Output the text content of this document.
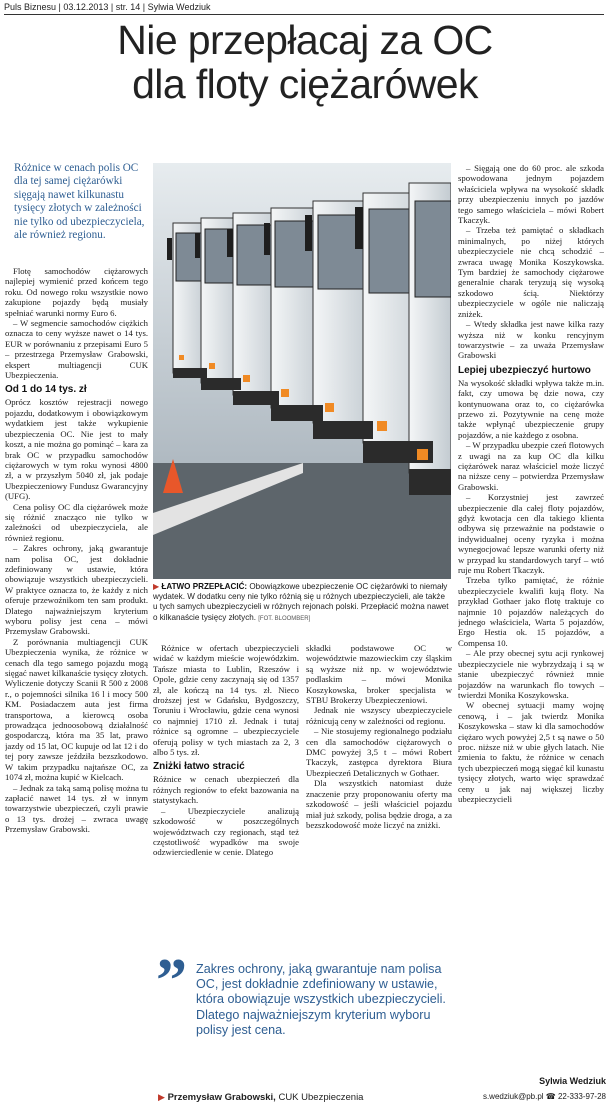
Puls Biznesu | 03.12.2013 | str. 14 | Sylwia Wedziuk
Nie przepłacaj za OC
dla floty ciężarówek
Różnice w cenach polis OC dla tej samej ciężarówki sięgają nawet kilkunastu tysięcy złotych w zależności nie tylko od ubezpieczyciela, ale również regionu.

Flotę samochodów ciężarowych najlepiej wymienić przed końcem tego roku. Od nowego roku wszystkie nowo zakupione pojazdy będą musiały spełniać warunki normy Euro 6.

– W segmencie samochodów ciężkich oznacza to ceny wyższe nawet o 14 tys. EUR w porównaniu z przepisami Euro 5 – przestrzega Przemysław Grabowski, ekspert multiagencji CUK Ubezpieczenia.

Od 1 do 14 tys. zł

Oprócz kosztów rejestracji nowego pojazdu, dodatkowym i obowiązkowym wydatkiem jest także wykupienie ubezpieczenia OC. Nie jest to mały koszt, a nie można go pominąć – kara za brak OC w przypadku samochodów ciężarowych w tym roku wynosi 4800 zł, a w przyszłym 5040 zł, jak podaje Ubezpieczeniowy Fundusz Gwarancyjny (UFG).

Cena polisy OC dla ciężarówek może się różnić znacząco nie tylko w zależności od ubezpieczyciela, ale również regionu.

– Zakres ochrony, jaką gwarantuje nam polisa OC, jest dokładnie zdefiniowany w ustawie, która obowiązuje wszystkich ubezpieczycieli. W praktyce oznacza to, że każdy z nich oferuje przewoźnikom ten sam produkt. Dlatego najważniejszym kryterium wyboru polisy jest cena – mówi Przemysław Grabowski.

Z porównania multiagencji CUK Ubezpieczenia wynika, że różnice w cenach dla tego samego pojazdu mogą sięgać nawet kilkanaście tysięcy złotych. Wyliczenie dotyczy Scanii R 500 z 2008 r., o pojemności silnika 16 l i mocy 500 KM. Posiadaczem auta jest firma transportowa, a kierowcą osoba prowadząca jednoosobową działalność gospodarczą, która ma 35 lat, prawo jazdy od 15 lat, OC kupuje od lat 12 i do tej pory zawsze jeździła bezszkodowo. W takim przypadku najtańsze OC, za 1074 zł, można kupić w Kielcach.

– Jednak za taką samą polisę można tu zapłacić nawet 14 tys. zł w innym towarzystwie ubezpieczeń, czyli prawie o 13 tys. drożej – zwraca uwagę Przemysław Grabowski.

▶ ŁATWO PRZEPŁACIĆ: Obowiązkowe ubezpieczenie OC ciężarówki to niemały wydatek. W dodatku ceny nie tylko różnią się u różnych ubezpieczycieli, ale także u tych samych ubezpieczycieli w różnych rejonach polski. Przepłacić można nawet o kilkanaście tysięcy złotych. [FOT. BLOOMBER]

Różnice w ofertach ubezpieczycieli widać w każdym mieście wojewódzkim. Tańsze miasta to Lublin, Rzeszów i Opole, gdzie ceny zaczynają się od 1357 zł, ale kończą na 14 tys. zł. Nieco droższej jest w Gdańsku, Bydgoszczy, Toruniu i Wrocławiu, gdzie cena wynosi co najmniej 1710 zł. Jednak i tutaj różnice są ogromne – ubezpieczyciele oferują polisy w tych miastach za 2, 3 albo 5 tys. zł.

Zniżki łatwo stracić

Różnice w cenach ubezpieczeń dla różnych regionów to efekt bazowania na statystykach.

– Ubezpieczyciele analizują szkodowość w poszczególnych województwach czy regionach, stąd też częstotliwość wypadków ma swoje odzwierciedlenie w cenie. Dlatego

składki podstawowe OC w województwie mazowieckim czy śląskim są wyższe niż np. w województwie podlaskim – mówi Monika Koszykowska, broker specjalista w STBU Brokerzy Ubezpieczeniowi.

Jednak nie wszyscy ubezpieczyciele różnicują ceny w zależności od regionu.

– Nie stosujemy regionalnego podziału cen dla samochodów ciężarowych o DMC powyżej 3,5 t – mówi Robert Tkaczyk, zastępca dyrektora Biura Ubezpieczeń Detalicznych w Gothaer.

Dla wszystkich natomiast duże znaczenie przy proponowaniu oferty ma szkodowość – jeśli właściciel pojazdu miał już szkody, polisa będzie droga, a za bezszkodowość może liczyć na zniżki.

” Zakres ochrony, jaką gwarantuje nam polisa OC, jest dokładnie zdefiniowany w ustawie, która obowiązuje wszystkich ubezpieczycieli. Dlatego najważniejszym kryterium wyboru polisy jest cena.
▶ Przemysław Grabowski, CUK Ubezpieczenia

– Sięgają one do 60 proc. ale szkoda spowodowana jednym pojazdem właściciela wpływa na wysokość składk przy ubezpieczeniu innych po jazdów tego samego właściciela – mówi Robert Tkaczyk.

– Trzeba też pamiętać o składkach minimalnych, po niżej których ubezpieczyciele nie chcą schodzić – zwraca uwagę Monika Koszykowska. Tym bardziej że samochody ciężarowe generalnie charak teryzują się wysoką szkodowo ścią. Niektórzy ubezpieczyciele w ogóle nie naliczają zniżek.

– Wtedy składka jest nawe kilka razy wyższa niż w konku rencyjnym towarzystwie – za uważa Przemysław Grabowski

Lepiej ubezpieczyć hurtowo

Na wysokość składki wpływa także m.in. fakt, czy umowa bę dzie nowa, czy kontynuowana oraz to, co ciężarówka przewo zi. Pozytywnie na cenę może także wpłynąć ubezpieczenie grupy pojazdów, a nie każdego z osobna.

– W przypadku ubezpie czeń flotowych z uwagi na za kup OC dla kilku ciężarówek naraz właściciel może liczyć na niższe ceny – potwierdza Przemysław Grabowski.

– Korzystniej jest zawrzeć ubezpieczenie dla całej floty pojazdów, gdyż kwotacja cen dla takiego klienta odbywa się przeważnie na podstawie o indywidualnej oceny ryzyka i można wynegocjować lepsze warunki oferty niż w przypad ku standardowych taryf – wtó ruje mu Robert Tkaczyk.

Trzeba tylko pamiętać, że różnie ubezpieczyciele kwalifi kują floty. Na przykład Gothaer jako flotę traktuje co najmnie 10 pojazdów należących do jednego właściciela, Warta 5 pojazdów, Ergo Hestia ok. 15 pojazdów, a Compensa 10.

– Ale przy obecnej sytu acji rynkowej ubezpieczyciele nie wybrzydzają i są w stanie ubezpieczyć również mnie pojazdów na warunkach flo towych – twierdzi Monika Koszykowska.

W obecnej sytuacji mamy wojnę cenową, i – jak twierdz Monika Koszykowska – staw ki dla samochodów ciężaro wych powyżej 2,5 t są nawe o 50 proc. niższe niż w ubie głych latach. Nie zmienia to faktu, że różnice w cenach tych ubezpieczeń mogą sięgać kil kunastu tysięcy złotych, warto więc sprawdzać ceny u jak naj większej liczby ubezpieczycieli

Sylwia Wedziuk
s.wedziuk@pb.pl ☎ 22-333-97-28
